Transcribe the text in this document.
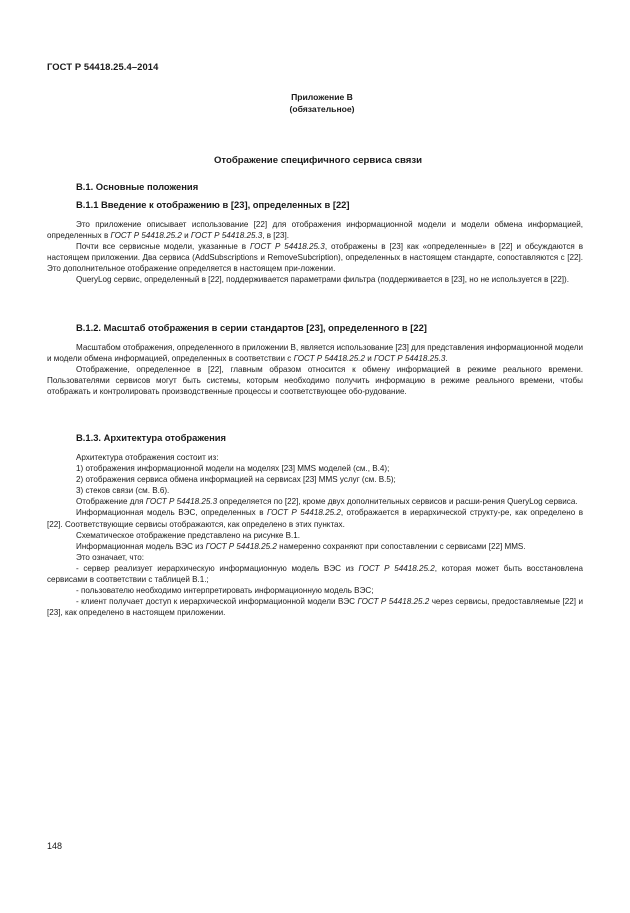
ГОСТ Р 54418.25.4–2014
Приложение В
(обязательное)
Отображение специфичного сервиса связи
В.1. Основные положения
В.1.1 Введение к отображению в [23], определенных в [22]

Это приложение описывает использование [22] для отображения информационной модели и модели обмена информацией, определенных в ГОСТ Р 54418.25.2 и ГОСТ Р 54418.25.3, в [23].

Почти все сервисные модели, указанные в ГОСТ Р 54418.25.3, отображены в [23] как «определенные» в [22] и обсуждаются в настоящем приложении. Два сервиса (AddSubscriptions и RemoveSubcription), определенных в настоящем стандарте, сопоставляются с [22]. Это дополнительное отображение определяется в настоящем при-ложении.

QueryLog сервис, определенный в [22], поддерживается параметрами фильтра (поддерживается в [23], но не используется в [22]).

В.1.2. Масштаб отображения в серии стандартов [23], определенного в [22]

Масштабом отображения, определенного в приложении В, является использование [23] для представления информационной модели и модели обмена информацией, определенных в соответствии с ГОСТ Р 54418.25.2 и ГОСТ Р 54418.25.3.

Отображение, определенное в [22], главным образом относится к обмену информацией в режиме реального времени. Пользователями сервисов могут быть системы, которым необходимо получить информацию в режиме реального времени, чтобы отображать и контролировать производственные процессы и соответствующее обо-рудование.

В.1.3. Архитектура отображения

Архитектура отображения состоит из:

1) отображения информационной модели на моделях [23] MMS моделей (см., В.4);

2) отображения сервиса обмена информацией на сервисах [23] MMS услуг (см. В.5);

3) стеков связи (см. В.6).

Отображение для ГОСТ Р 54418.25.3 определяется по [22], кроме двух дополнительных сервисов и расши-рения QueryLog сервиса.

Информационная модель ВЭС, определенных в ГОСТ Р 54418.25.2, отображается в иерархической структу-ре, как определено в [22]. Соответствующие сервисы отображаются, как определено в этих пунктах.

Схематическое отображение представлено на рисунке В.1.

Информационная модель ВЭС из ГОСТ Р 54418.25.2 намеренно сохраняют при сопоставлении с сервисами [22] MMS.

Это означает, что:

- сервер реализует иерархическую информационную модель ВЭС из ГОСТ Р 54418.25.2, которая может быть восстановлена сервисами в соответствии с таблицей В.1.;

- пользователю необходимо интерпретировать информационную модель ВЭС;

- клиент получает доступ к иерархической информационной модели ВЭС ГОСТ Р 54418.25.2 через сервисы, предоставляемые [22] и [23], как определено в настоящем приложении.

148
